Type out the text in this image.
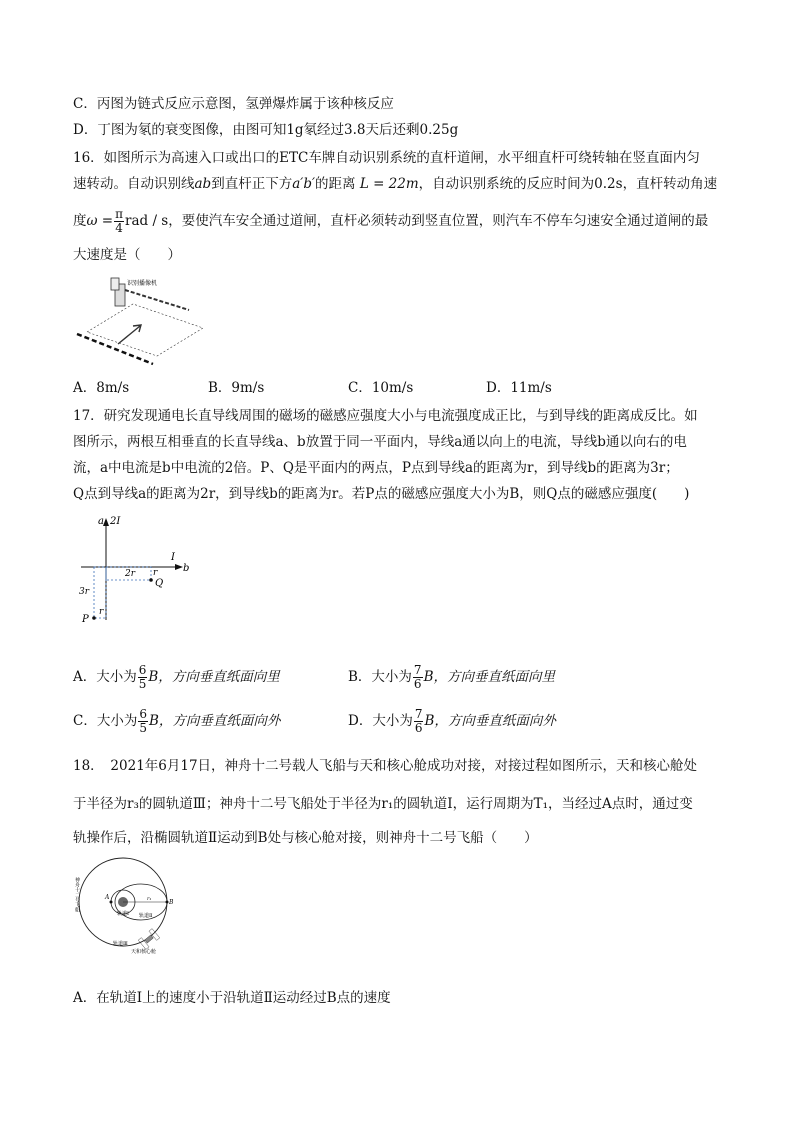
C．丙图为链式反应示意图，氢弹爆炸属于该种核反应
D．丁图为氡的衰变图像，由图可知1g氡经过3.8天后还剩0.25g
16．如图所示为高速入口或出口的ETC车牌自动识别系统的直杆道闸，水平细直杆可绕转轴在竖直面内匀
速转动。自动识别线ab到直杆正下方a′b′的距离 L = 22m，自动识别系统的反应时间为0.2s，直杆转动角速
度$\omega = \frac{\pi}{4}$ rad / s，要使汽车安全通过道闸，直杆必须转动到竖直位置，则汽车不停车匀速安全通过道闸的最
大速度是（　　）
识别播像机
A．8m/s	B．9m/s	C．10m/s	D．11m/s
17．研究发现通电长直导线周围的磁场的磁感应强度大小与电流强度成正比，与到导线的距离成反比。如
图所示，两根互相垂直的长直导线a、b放置于同一平面内，导线a通以向上的电流，导线b通以向右的电
流，a中电流是b中电流的2倍。P、Q是平面内的两点，P点到导线a的距离为r，到导线b的距离为3r；
Q点到导线a的距离为2r，到导线b的距离为r。若P点的磁感应强度大小为B，则Q点的磁感应强度(　　)
a 2I
I
b
2r r
Q
3r
r
P
A．大小为 $\frac{6}{5}$ B，方向垂直纸面向里	B．大小为 $\frac{7}{6}$ B，方向垂直纸面向里
C．大小为 $\frac{6}{5}$ B，方向垂直纸面向外	D．大小为 $\frac{7}{6}$ B，方向垂直纸面向外
18．　2021年6月17日，神舟十二号载人飞船与天和核心舱成功对接，对接过程如图所示，天和核心舱处
于半径为r₃的圆轨道Ⅲ；神舟十二号飞船处于半径为r₁的圆轨道Ⅰ，运行周期为T₁，当经过A点时，通过变
轨操作后，沿椭圆轨道Ⅱ运动到B处与核心舱对接，则神舟十二号飞船（　　）
B
A	r₁
轨道Ⅰ 轨道Ⅱ
轨道Ⅲ
天和核心舱
神舟十二号飞船
A．在轨道Ⅰ上的速度小于沿轨道Ⅱ运动经过B点的速度
